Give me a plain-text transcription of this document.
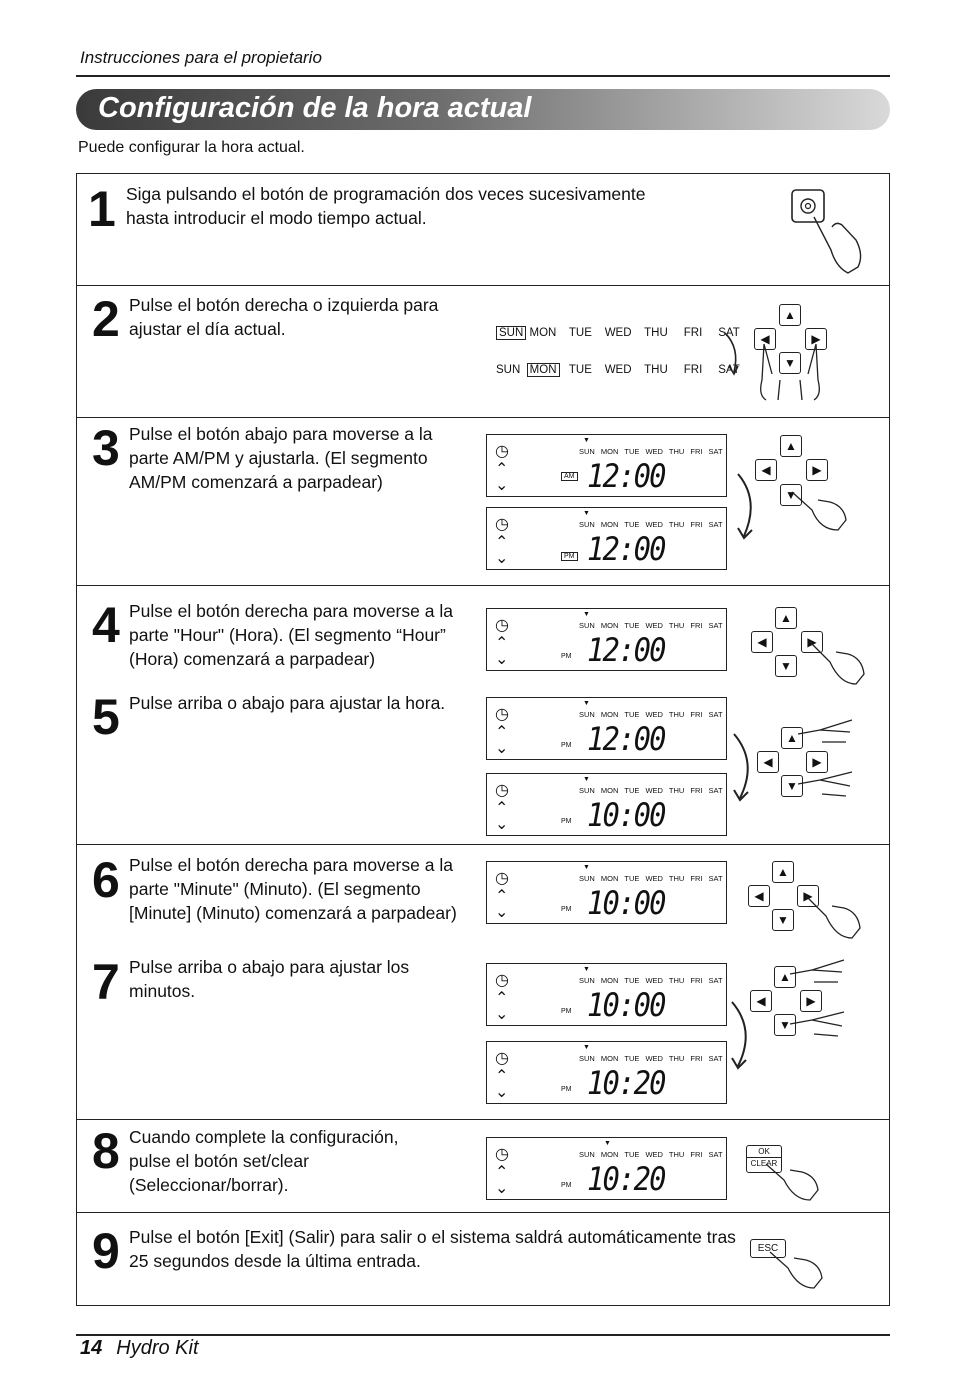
Instrucciones para el propietario
Configuración de la hora actual
Puede configurar la hora actual.
1 Siga pulsando el botón de programación dos veces sucesivamente hasta introducir el modo tiempo actual.
2 Pulse el botón derecha o izquierda para ajustar el día actual.	SUN MON TUE WED THU FRI SAT
SUN MON TUE WED THU FRI SAT
▲
◀	▶
▼
3 Pulse el botón abajo para moverse a la parte AM/PM y ajustarla. (El segmento AM/PM comenzará a parpadear)
◷
⌃
⌄
▼
SUN MON TUE WED THU FRI SAT
AM 12:00
◷
⌃
⌄
▼
SUN MON TUE WED THU FRI SAT
PM 12:00
▲
◀	▶
▼
4 Pulse el botón derecha para moverse a la parte "Hour" (Hora). (El segmento “Hour” (Hora) comenzará a parpadear)
◷
⌃
⌄
▼
SUN MON TUE WED THU FRI SAT
PM 12:00
▲
◀	▶
▼
5 Pulse arriba o abajo para ajustar la hora.
◷
⌃
⌄
▼
SUN MON TUE WED THU FRI SAT
PM 12:00
◷
⌃
⌄
▼
SUN MON TUE WED THU FRI SAT
PM 10:00
▲
◀	▶
▼
6 Pulse el botón derecha para moverse a la parte "Minute" (Minuto). (El segmento [Minute] (Minuto) comenzará a parpadear)
◷
⌃
⌄
▼
SUN MON TUE WED THU FRI SAT
PM 10:00
▲
◀	▶
▼
7 Pulse arriba o abajo para ajustar los minutos.
◷
⌃
⌄
▼
SUN MON TUE WED THU FRI SAT
PM 10:00
◷
⌃
⌄
▼
SUN MON TUE WED THU FRI SAT
PM 10:20
▲
◀	▶
▼
8 Cuando complete la configuración, pulse el botón set/clear (Seleccionar/borrar).
◷
⌃
⌄
▼
SUN MON TUE WED THU FRI SAT
PM 10:20
OK
CLEAR
9 Pulse el botón [Exit] (Salir) para salir o el sistema saldrá automáticamente tras 25 segundos desde la última entrada.
ESC
14 Hydro Kit
